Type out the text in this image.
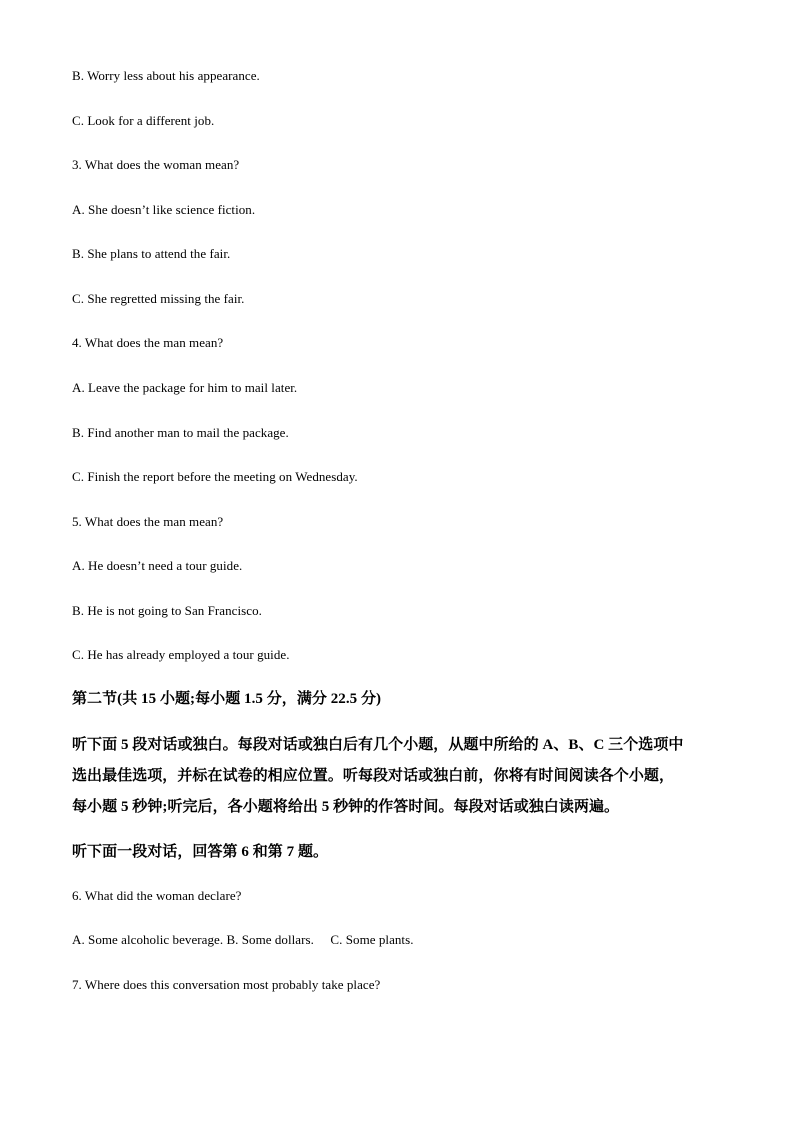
B. Worry less about his appearance.
C. Look for a different job.
3. What does the woman mean?
A. She doesn’t like science fiction.
B. She plans to attend the fair.
C. She regretted missing the fair.
4. What does the man mean?
A. Leave the package for him to mail later.
B. Find another man to mail the package.
C. Finish the report before the meeting on Wednesday.
5. What does the man mean?
A. He doesn’t need a tour guide.
B. He is not going to San Francisco.
C. He has already employed a tour guide.
第二节(共 15 小题;每小题 1.5 分，满分 22.5 分)
听下面 5 段对话或独白。每段对话或独白后有几个小题，从题中所给的 A、B、C 三个选项中
选出最佳选项，并标在试卷的相应位置。听每段对话或独白前，你将有时间阅读各个小题，
每小题 5 秒钟;听完后，各小题将给出 5 秒钟的作答时间。每段对话或独白读两遍。
听下面一段对话，回答第 6 和第 7 题。
6. What did the woman declare?
A. Some alcoholic beverage. B. Some dollars.     C. Some plants.
7. Where does this conversation most probably take place?
